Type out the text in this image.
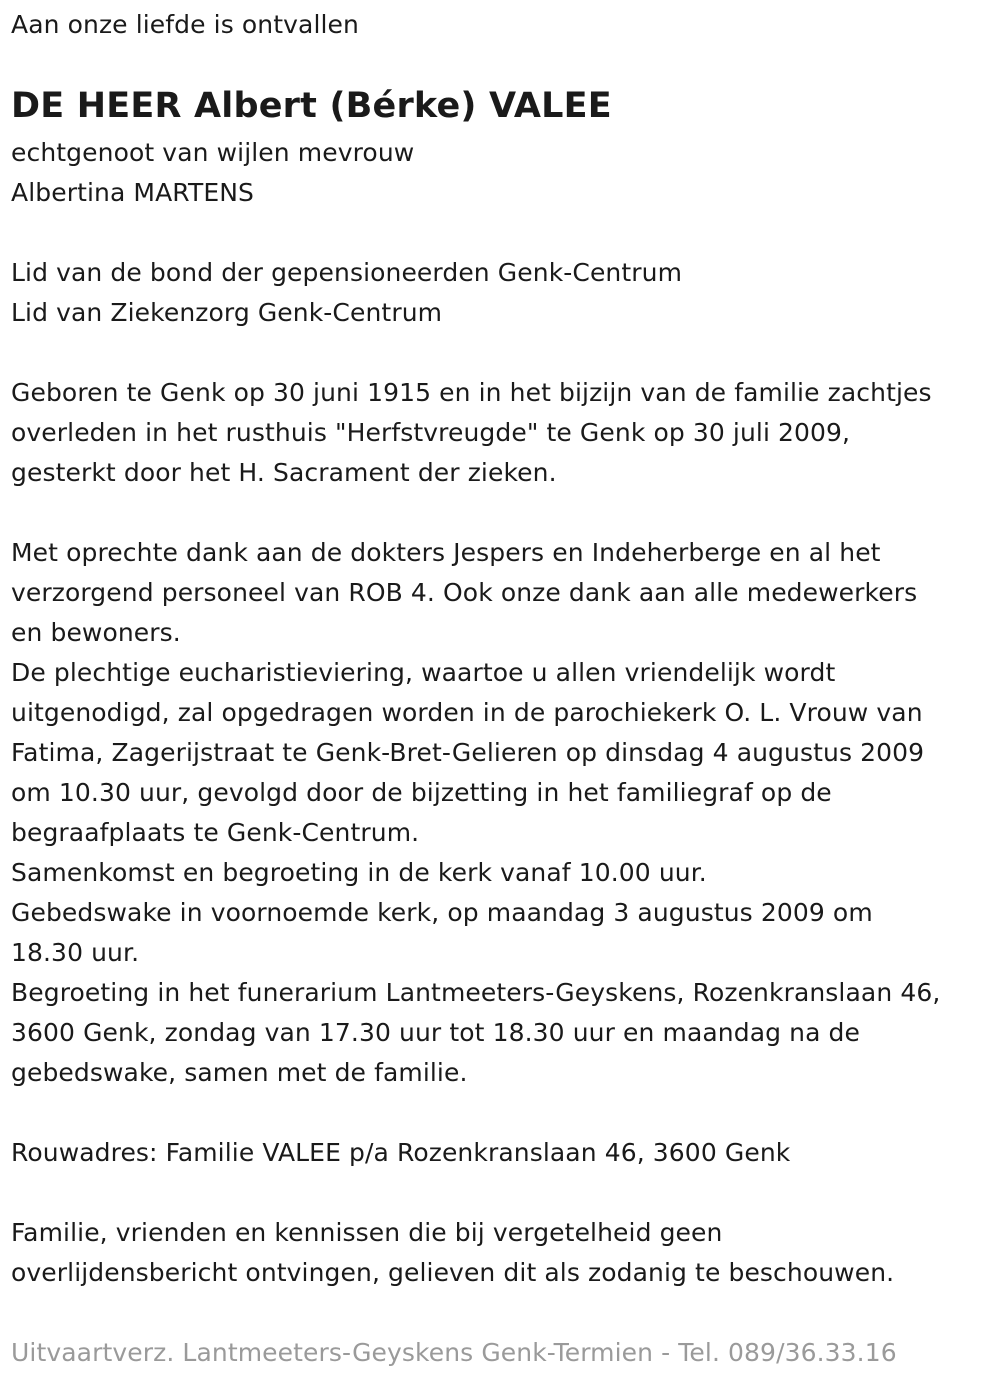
Aan onze liefde is ontvallen
DE HEER Albert (Bérke) VALEE
echtgenoot van wijlen mevrouw
Albertina MARTENS
Lid van de bond der gepensioneerden Genk-Centrum
Lid van Ziekenzorg Genk-Centrum
Geboren te Genk op 30 juni 1915 en in het bijzijn van de familie zachtjes
overleden in het rusthuis "Herfstvreugde" te Genk op 30 juli 2009,
gesterkt door het H. Sacrament der zieken.
Met oprechte dank aan de dokters Jespers en Indeherberge en al het
verzorgend personeel van ROB 4. Ook onze dank aan alle medewerkers
en bewoners.
De plechtige eucharistieviering, waartoe u allen vriendelijk wordt
uitgenodigd, zal opgedragen worden in de parochiekerk O. L. Vrouw van
Fatima, Zagerijstraat te Genk-Bret-Gelieren op dinsdag 4 augustus 2009
om 10.30 uur, gevolgd door de bijzetting in het familiegraf op de
begraafplaats te Genk-Centrum.
Samenkomst en begroeting in de kerk vanaf 10.00 uur.
Gebedswake in voornoemde kerk, op maandag 3 augustus 2009 om
18.30 uur.
Begroeting in het funerarium Lantmeeters-Geyskens, Rozenkranslaan 46,
3600 Genk, zondag van 17.30 uur tot 18.30 uur en maandag na de
gebedswake, samen met de familie.
Rouwadres: Familie VALEE p/a Rozenkranslaan 46, 3600 Genk
Familie, vrienden en kennissen die bij vergetelheid geen
overlijdensbericht ontvingen, gelieven dit als zodanig te beschouwen.
Uitvaartverz. Lantmeeters-Geyskens Genk-Termien - Tel. 089/36.33.16
